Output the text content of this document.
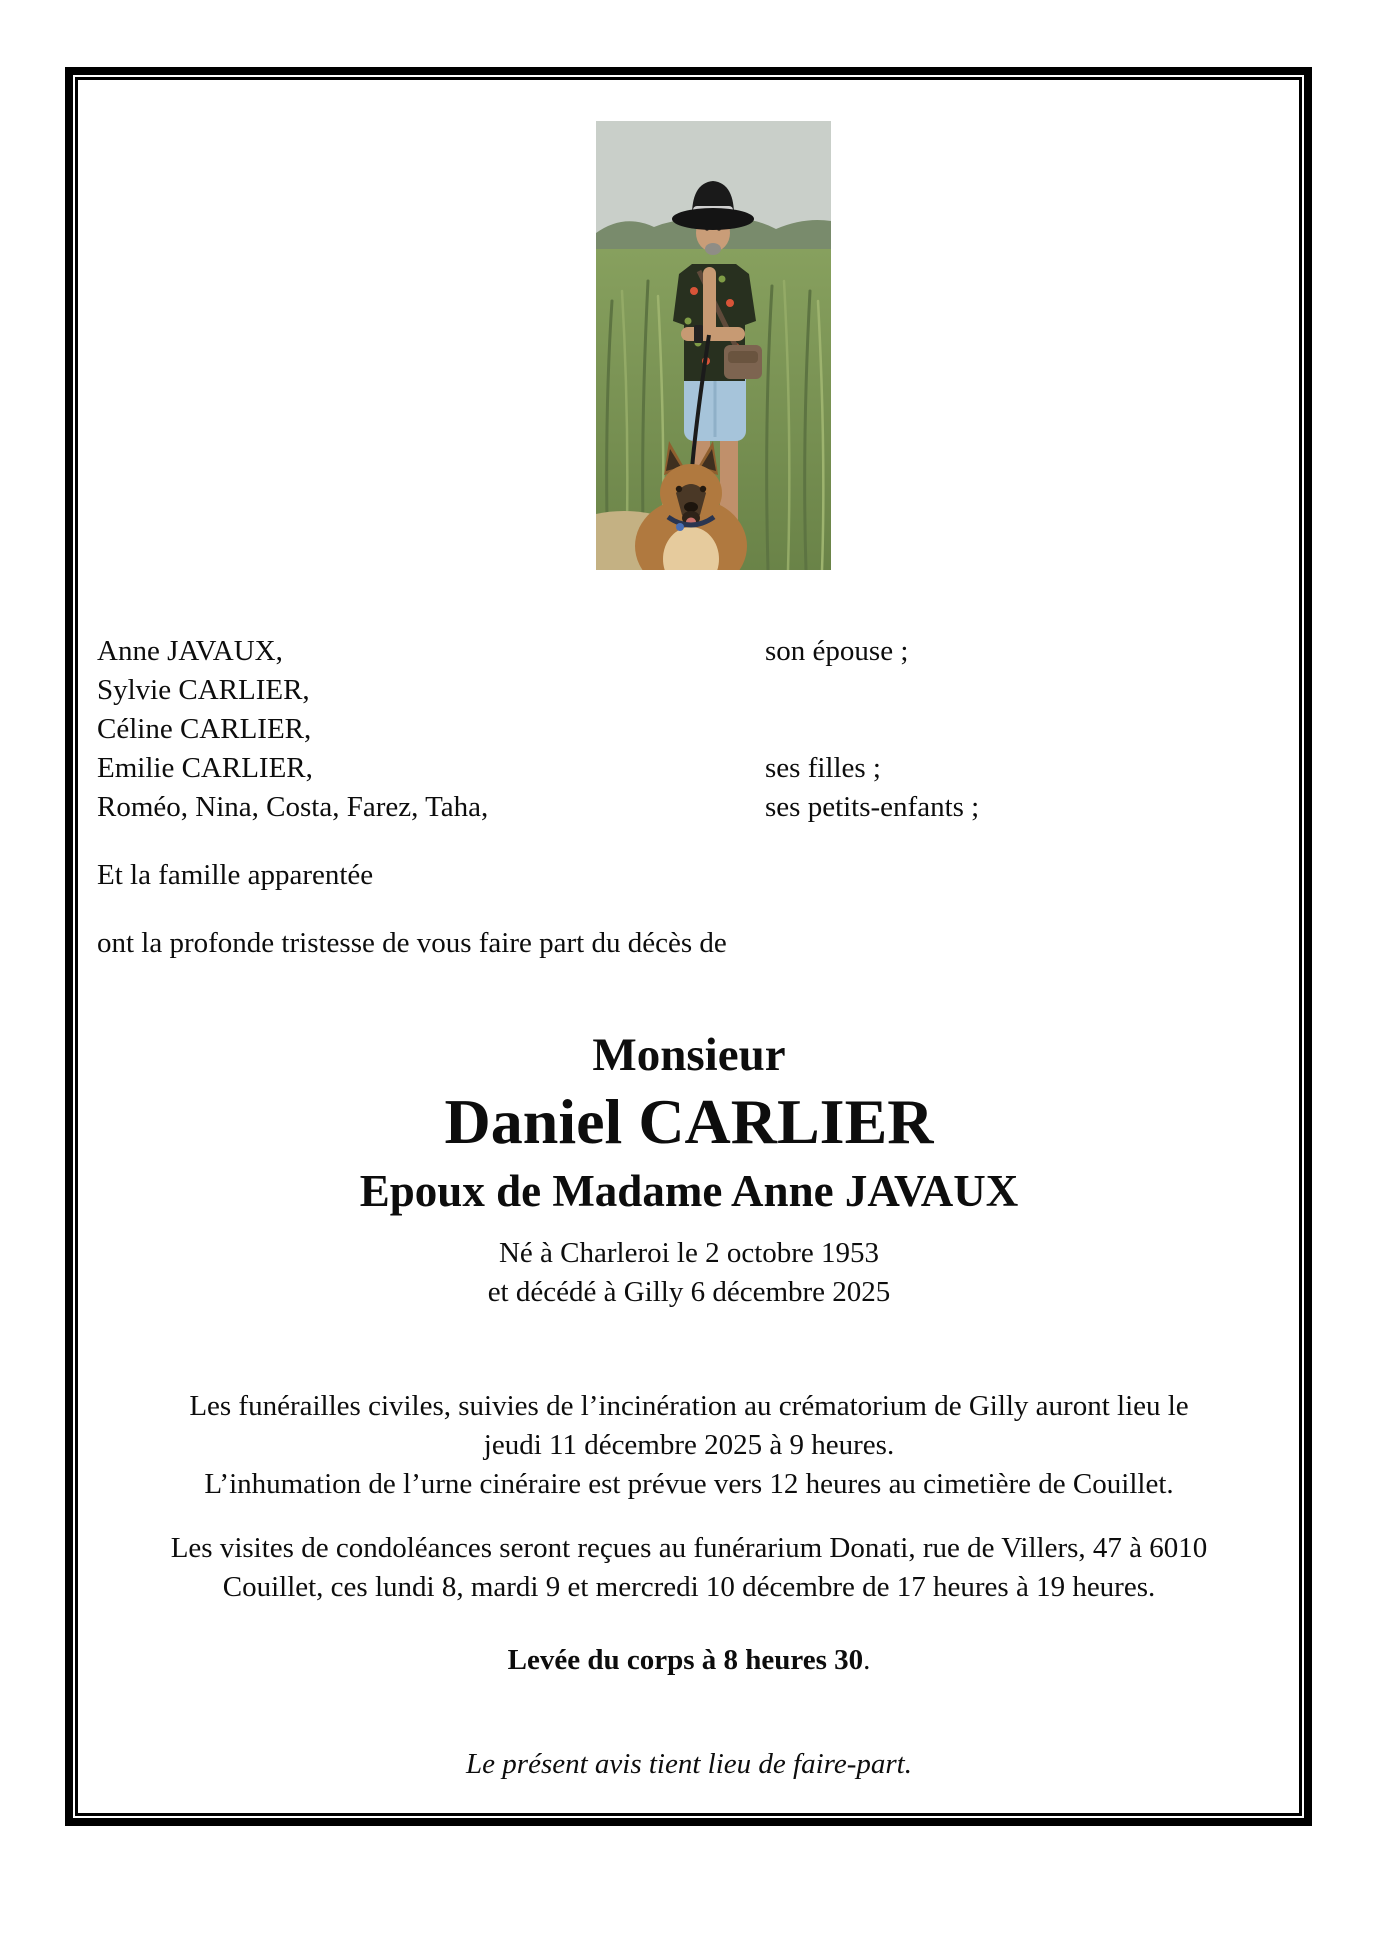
Anne JAVAUX,	son épouse ;
Sylvie CARLIER,
Céline CARLIER,
Emilie CARLIER,	ses filles ;
Roméo, Nina, Costa, Farez, Taha,	ses petits-enfants ;
Et la famille apparentée
ont la profonde tristesse de vous faire part du décès de
Monsieur
Daniel CARLIER
Epoux de Madame Anne JAVAUX
Né à Charleroi le 2 octobre 1953
et décédé à Gilly 6 décembre 2025
Les funérailles civiles, suivies de l’incinération au crématorium de Gilly auront lieu le
jeudi 11 décembre 2025 à 9 heures.
L’inhumation de l’urne cinéraire est prévue vers 12 heures au cimetière de Couillet.
Les visites de condoléances seront reçues au funérarium Donati, rue de Villers, 47 à 6010
Couillet, ces lundi 8, mardi 9 et mercredi 10 décembre de 17 heures à 19 heures.
Levée du corps à 8 heures 30.
Le présent avis tient lieu de faire-part.
